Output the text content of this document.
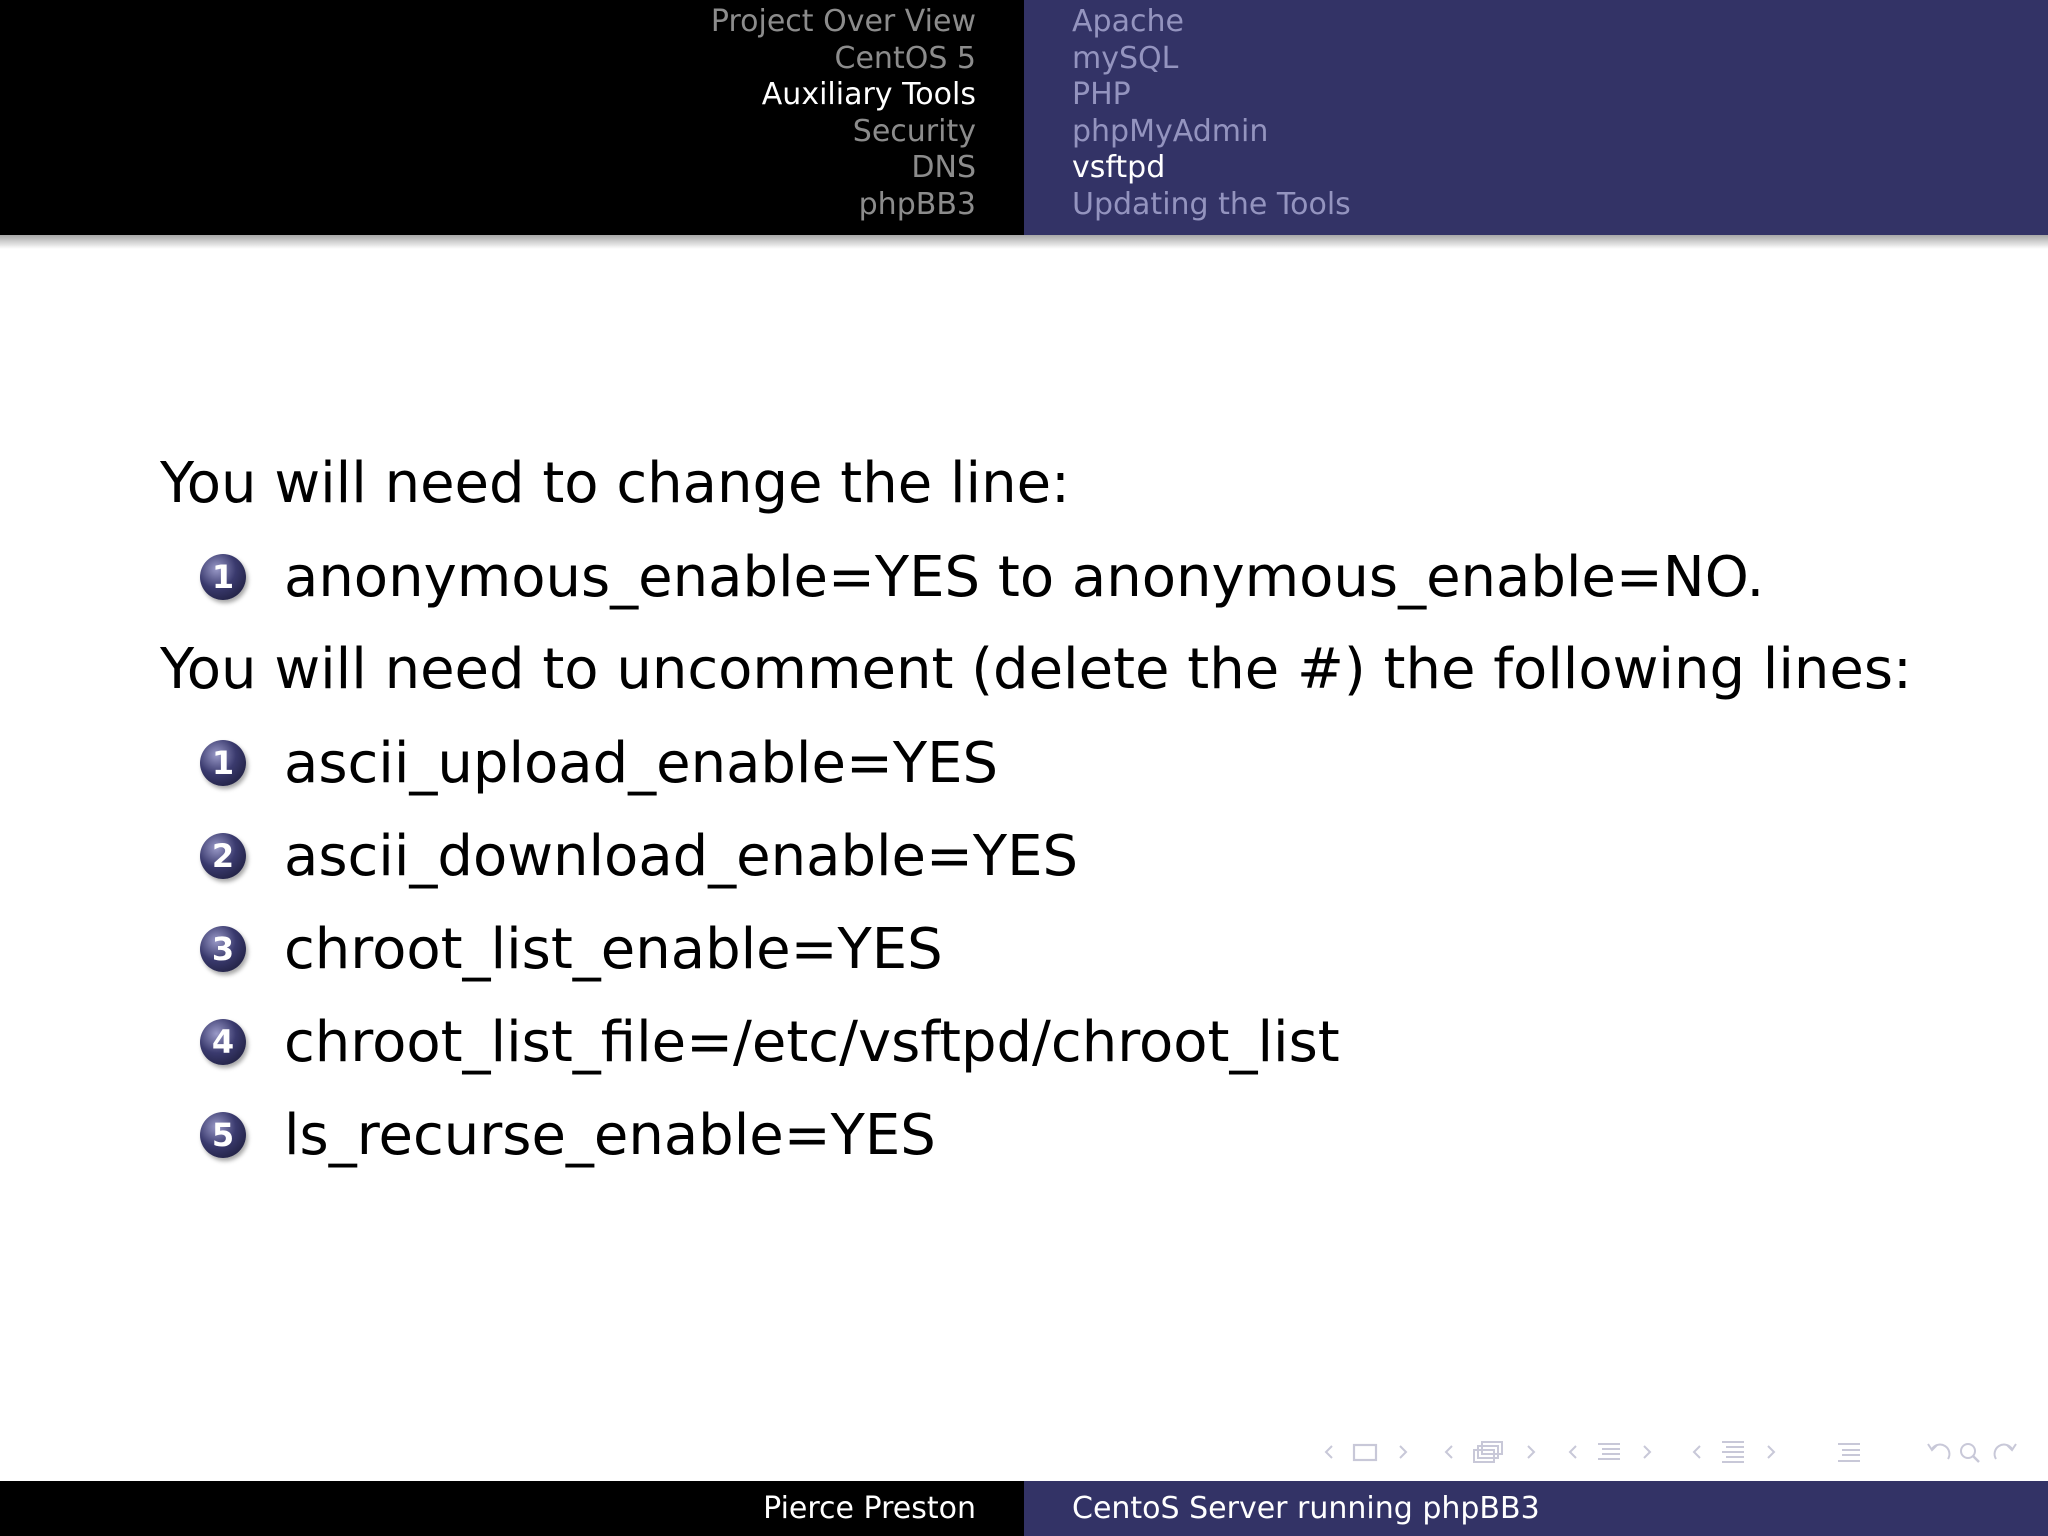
Project Over View
CentOS 5
Auxiliary Tools
Security
DNS
phpBB3
Apache
mySQL
PHP
phpMyAdmin
vsftpd
Updating the Tools

You will need to change the line:

1 anonymous_enable=YES to anonymous_enable=NO.

You will need to uncomment (delete the #) the following lines:

1 ascii_upload_enable=YES
2 ascii_download_enable=YES
3 chroot_list_enable=YES
4 chroot_list_file=/etc/vsftpd/chroot_list
5 ls_recurse_enable=YES
Pierce Preston	CentoS Server running phpBB3
